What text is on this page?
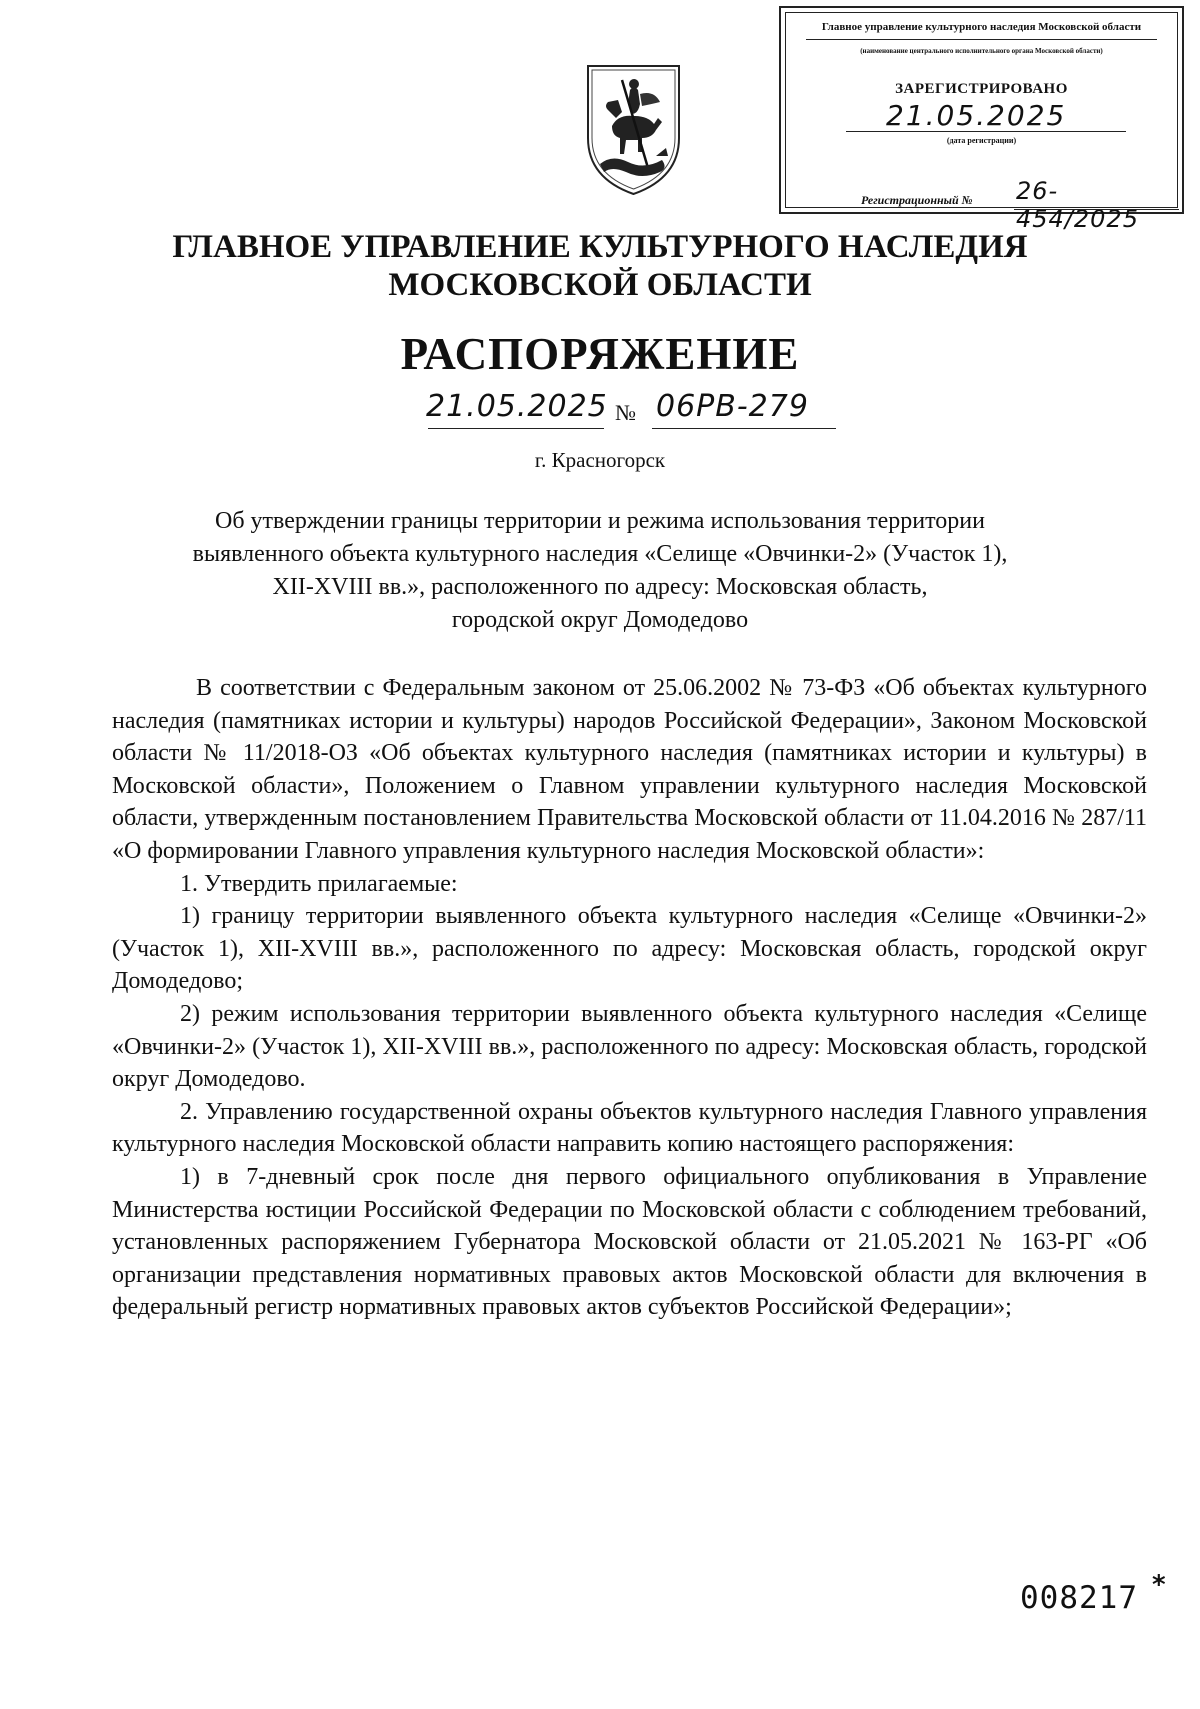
Главное управление культурного наследия Московской области
(наименование центрального исполнительного органа Московской области)
ЗАРЕГИСТРИРОВАНО
21.05.2025
(дата регистрации)
Регистрационный № 26-454/2025
ГЛАВНОЕ УПРАВЛЕНИЕ КУЛЬТУРНОГО НАСЛЕДИЯ
МОСКОВСКОЙ ОБЛАСТИ
РАСПОРЯЖЕНИЕ
21.05.2025 № 06РВ-279
г. Красногорск
Об утверждении границы территории и режима использования территории
выявленного объекта культурного наследия «Селище «Овчинки-2» (Участок 1),
XII-XVIII вв.», расположенного по адресу: Московская область,
городской округ Домодедово

В соответствии с Федеральным законом от 25.06.2002 № 73-ФЗ «Об объектах культурного наследия (памятниках истории и культуры) народов Российской Федерации», Законом Московской области № 11/2018-ОЗ «Об объектах культурного наследия (памятниках истории и культуры) в Московской области», Положением о Главном управлении культурного наследия Московской области, утвержденным постановлением Правительства Московской области от 11.04.2016 № 287/11 «О формировании Главного управления культурного наследия Московской области»:

1. Утвердить прилагаемые:

1) границу территории выявленного объекта культурного наследия «Селище «Овчинки-2» (Участок 1), XII-XVIII вв.», расположенного по адресу: Московская область, городской округ Домодедово;

2) режим использования территории выявленного объекта культурного наследия «Селище «Овчинки-2» (Участок 1), XII-XVIII вв.», расположенного по адресу: Московская область, городской округ Домодедово.

2. Управлению государственной охраны объектов культурного наследия Главного управления культурного наследия Московской области направить копию настоящего распоряжения:

1) в 7-дневный срок после дня первого официального опубликования в Управление Министерства юстиции Российской Федерации по Московской области с соблюдением требований, установленных распоряжением Губернатора Московской области от 21.05.2021 № 163-РГ «Об организации представления нормативных правовых актов Московской области для включения в федеральный регистр нормативных правовых актов субъектов Российской Федерации»;

008217 *
